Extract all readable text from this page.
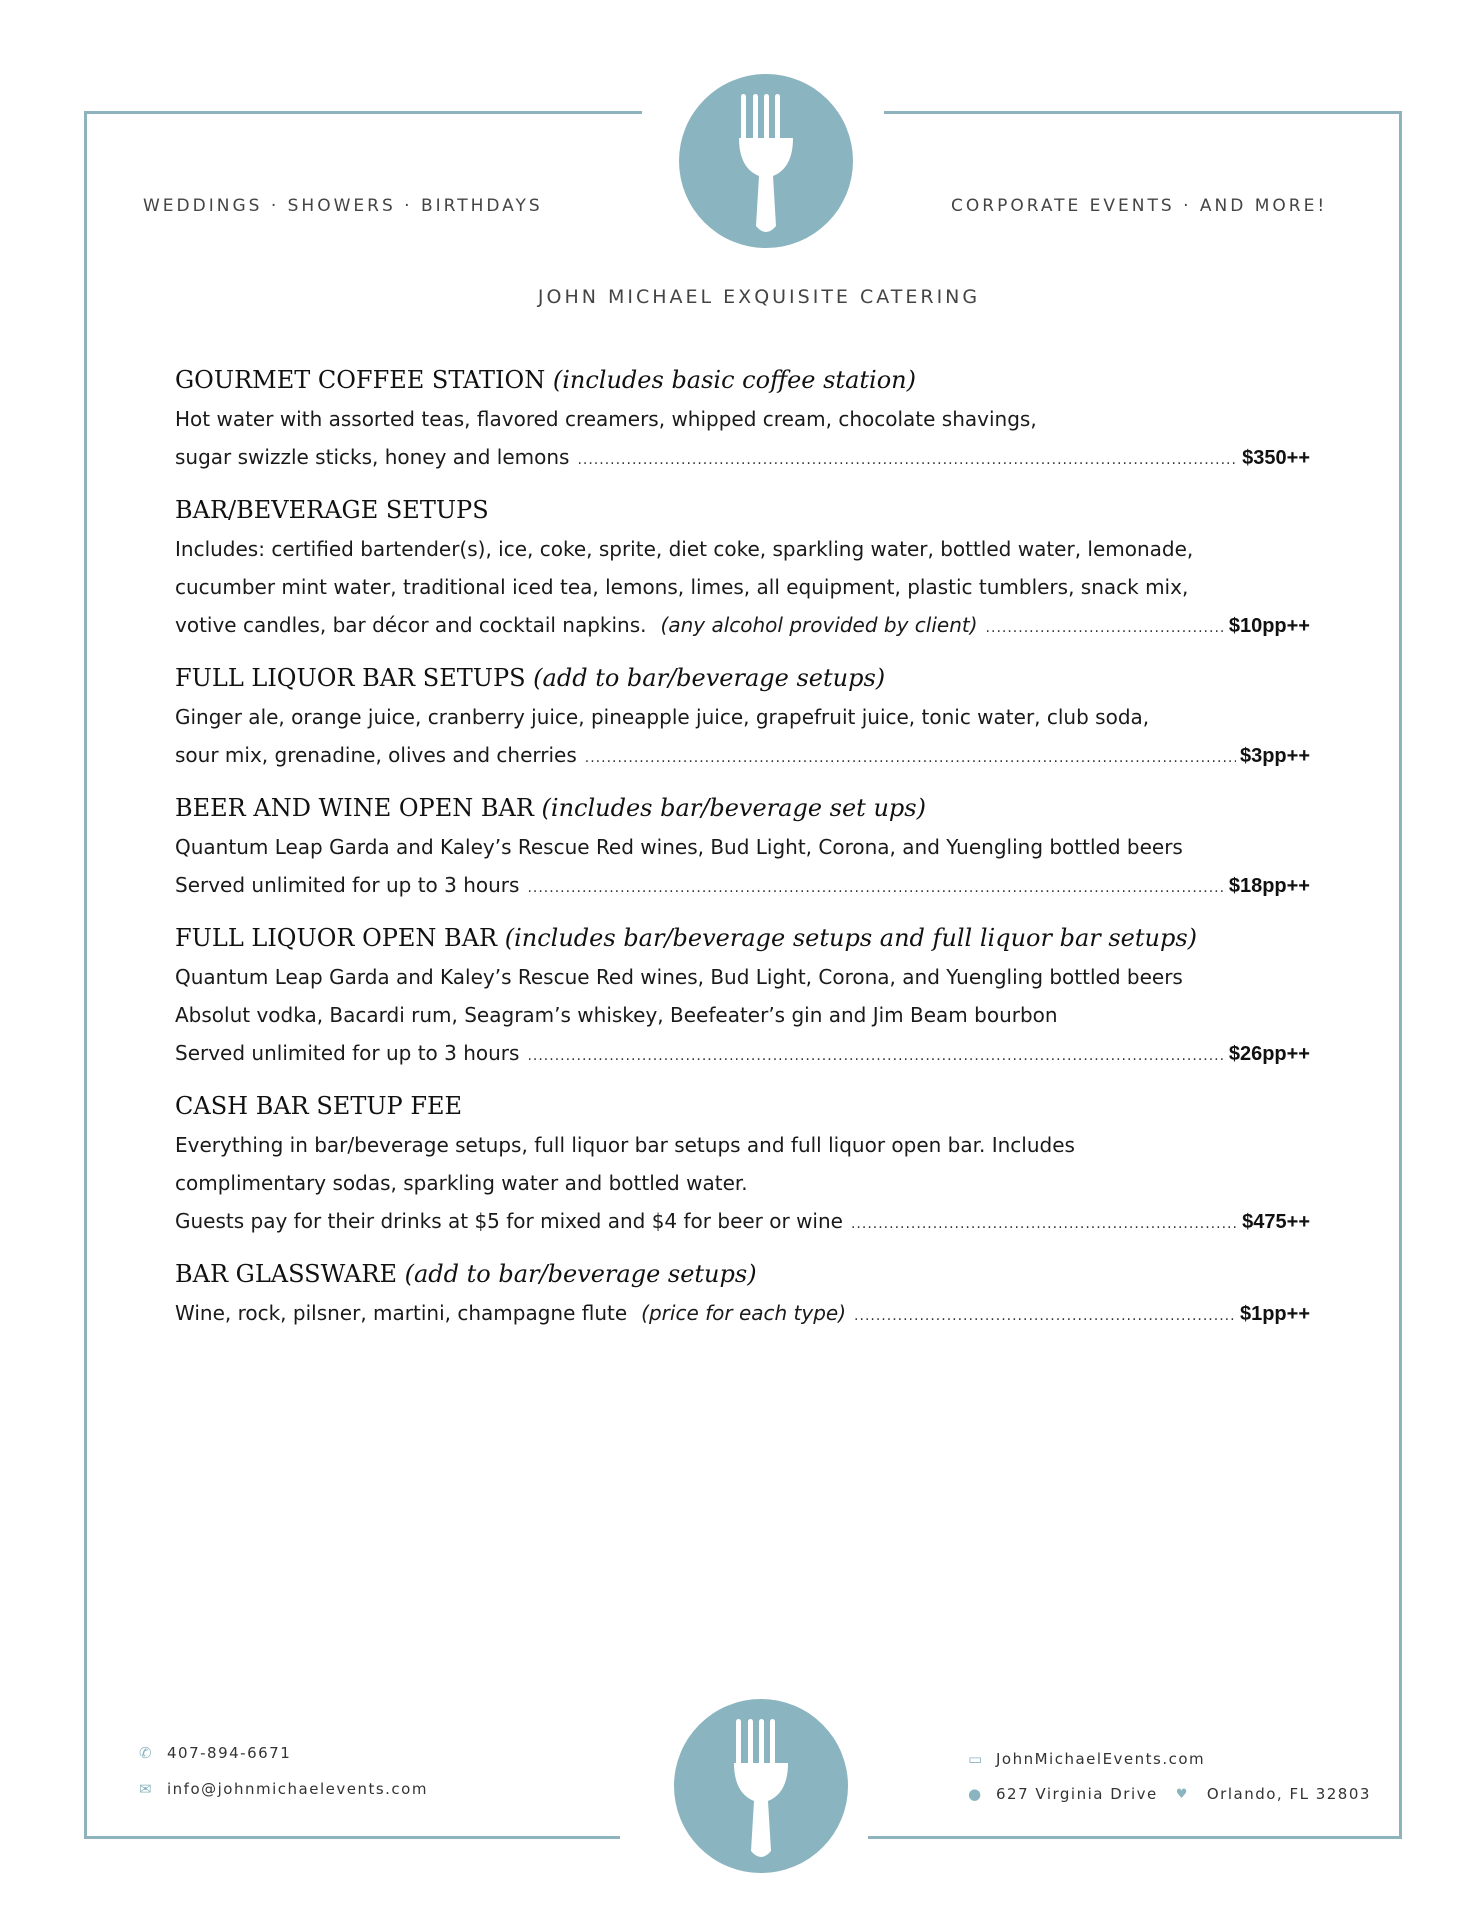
WEDDINGS · SHOWERS · BIRTHDAYS	CORPORATE EVENTS · AND MORE!
JOHN MICHAEL EXQUISITE CATERING
GOURMET COFFEE STATION (includes basic coffee station)
Hot water with assorted teas, flavored creamers, whipped cream, chocolate shavings,
sugar swizzle sticks, honey and lemons .....	$350++
BAR/BEVERAGE SETUPS
Includes: certified bartender(s), ice, coke, sprite, diet coke, sparkling water, bottled water, lemonade,
cucumber mint water, traditional iced tea, lemons, limes, all equipment, plastic tumblers, snack mix,
votive candles, bar décor and cocktail napkins. (any alcohol provided by client) .....	$10pp++
FULL LIQUOR BAR SETUPS (add to bar/beverage setups)
Ginger ale, orange juice, cranberry juice, pineapple juice, grapefruit juice, tonic water, club soda,
sour mix, grenadine, olives and cherries .....	$3pp++
BEER AND WINE OPEN BAR (includes bar/beverage set ups)
Quantum Leap Garda and Kaley’s Rescue Red wines, Bud Light, Corona, and Yuengling bottled beers
Served unlimited for up to 3 hours .....	$18pp++
FULL LIQUOR OPEN BAR (includes bar/beverage setups and full liquor bar setups)
Quantum Leap Garda and Kaley’s Rescue Red wines, Bud Light, Corona, and Yuengling bottled beers
Absolut vodka, Bacardi rum, Seagram’s whiskey, Beefeater’s gin and Jim Beam bourbon
Served unlimited for up to 3 hours .....	$26pp++
CASH BAR SETUP FEE
Everything in bar/beverage setups, full liquor bar setups and full liquor open bar. Includes
complimentary sodas, sparkling water and bottled water.
Guests pay for their drinks at $5 for mixed and $4 for beer or wine .....	$475++
BAR GLASSWARE (add to bar/beverage setups)
Wine, rock, pilsner, martini, champagne flute (price for each type) .....	$1pp++
✆ 407-894-6671
✉ info@johnmichaelevents.com
▭ JohnMichaelEvents.com
● 627 Virginia Drive ♥ Orlando, FL 32803
